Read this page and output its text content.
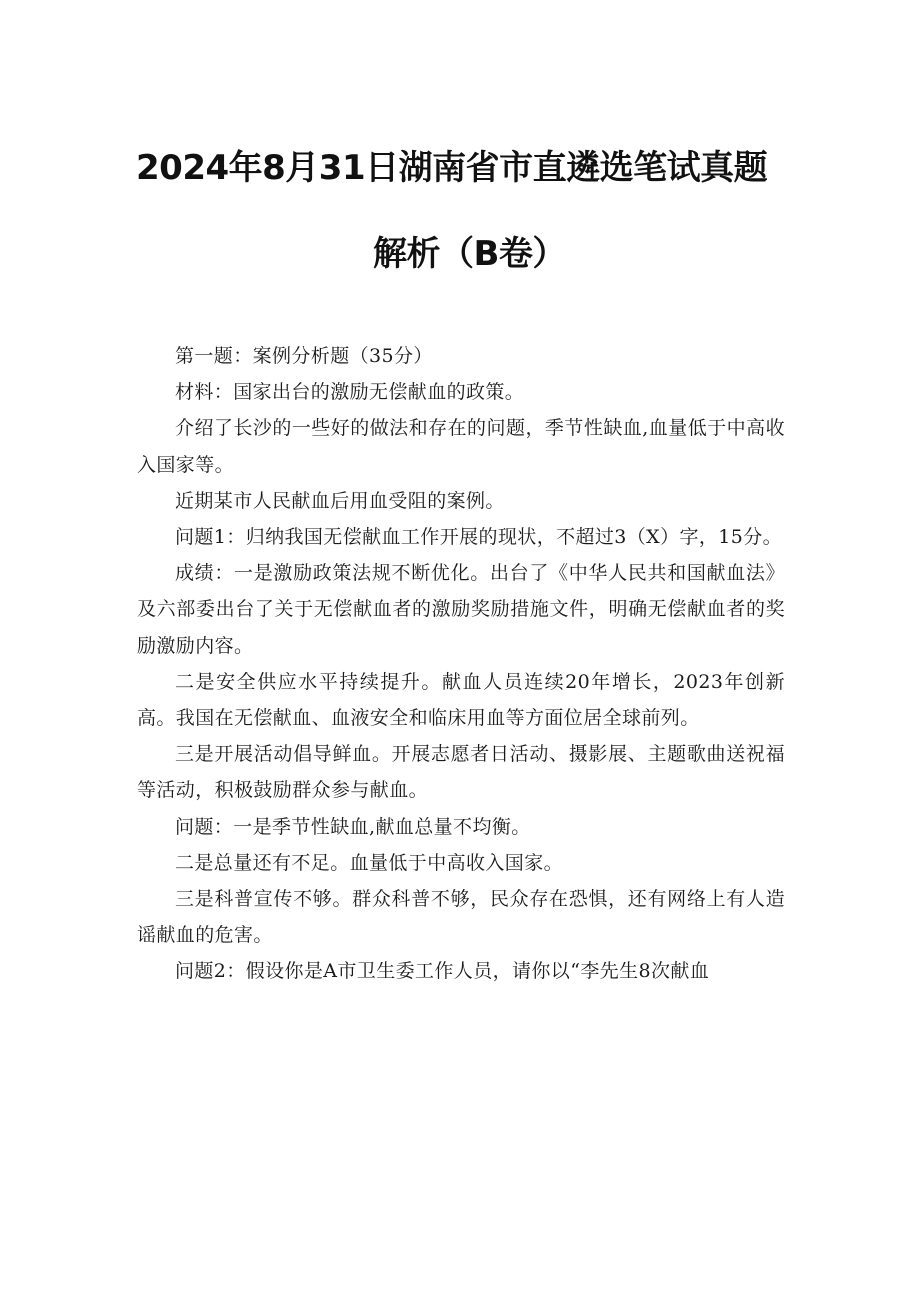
2024年8月31日湖南省市直遴选笔试真题
解析（B卷）

第一题：案例分析题（35分）

材料：国家出台的激励无偿献血的政策。

介绍了长沙的一些好的做法和存在的问题，季节性缺血,血量低于中高收入国家等。

近期某市人民献血后用血受阻的案例。

问题1：归纳我国无偿献血工作开展的现状，不超过3（X）字，15分。

成绩：一是激励政策法规不断优化。出台了《中华人民共和国献血法》及六部委出台了关于无偿献血者的激励奖励措施文件，明确无偿献血者的奖励激励内容。

二是安全供应水平持续提升。献血人员连续20年增长，2023年创新高。我国在无偿献血、血液安全和临床用血等方面位居全球前列。

三是开展活动倡导鲜血。开展志愿者日活动、摄影展、主题歌曲送祝福等活动，积极鼓励群众参与献血。

问题：一是季节性缺血,献血总量不均衡。

二是总量还有不足。血量低于中高收入国家。

三是科普宣传不够。群众科普不够，民众存在恐惧，还有网络上有人造谣献血的危害。

问题2：假设你是A市卫生委工作人员，请你以“李先生8次献血
